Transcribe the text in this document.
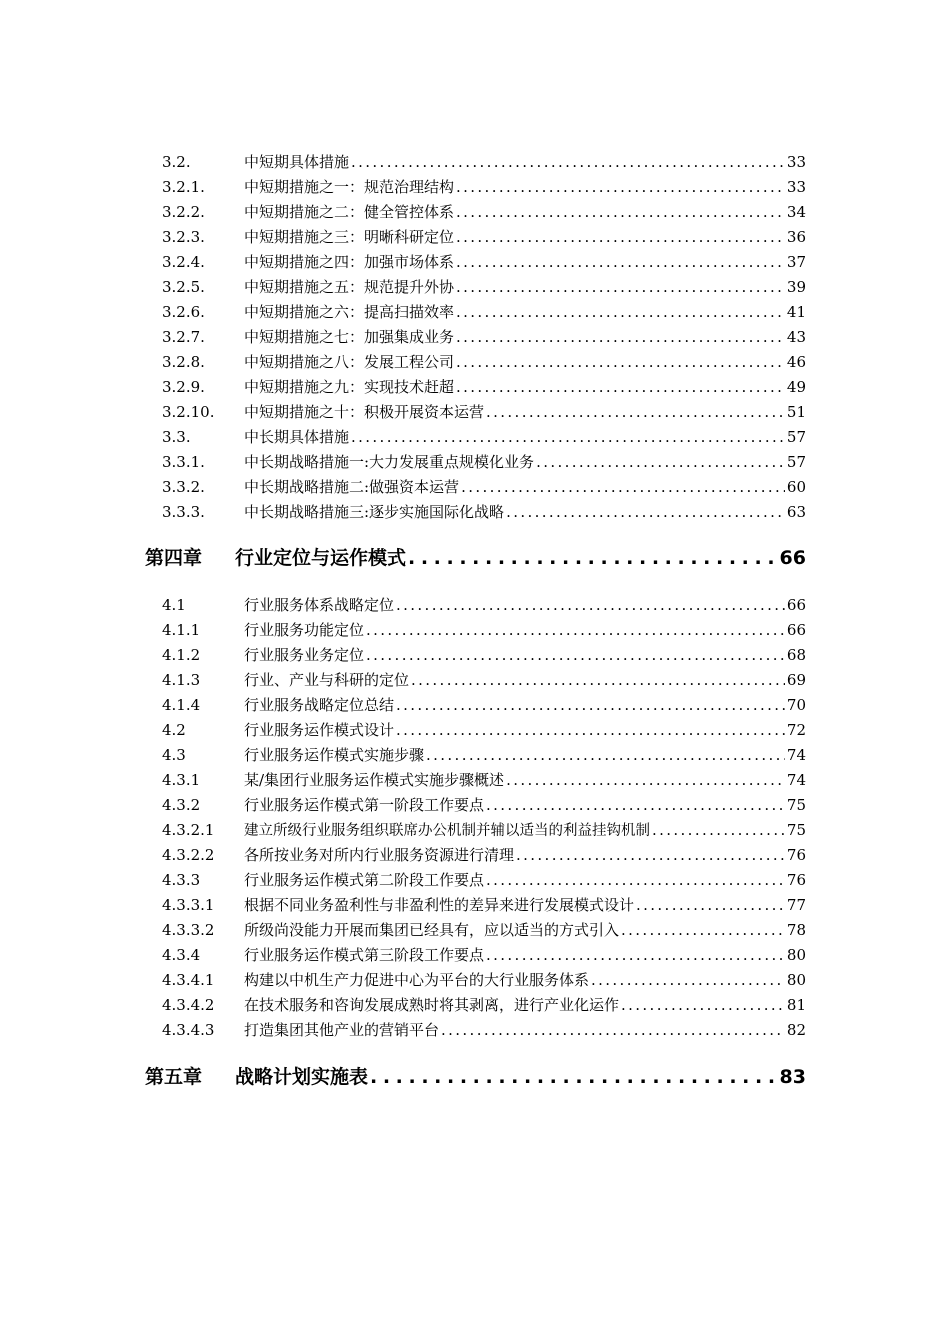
3.2.	中短期具体措施 . . .	33
3.2.1.	中短期措施之一：规范治理结构 . . .	33
3.2.2.	中短期措施之二：健全管控体系 . . .	34
3.2.3.	中短期措施之三：明晰科研定位 . . .	36
3.2.4.	中短期措施之四：加强市场体系 . . .	37
3.2.5.	中短期措施之五：规范提升外协 . . .	39
3.2.6.	中短期措施之六：提高扫描效率 . . .	41
3.2.7.	中短期措施之七：加强集成业务 . . .	43
3.2.8.	中短期措施之八：发展工程公司 . . .	46
3.2.9.	中短期措施之九：实现技术赶超 . . .	49
3.2.10.	中短期措施之十：积极开展资本运营 . . .	51
3.3.	中长期具体措施 . . .	57
3.3.1.	中长期战略措施一:大力发展重点规模化业务 . . .	57
3.3.2.	中长期战略措施二:做强资本运营 . . .	60
3.3.3.	中长期战略措施三:逐步实施国际化战略 . . .	63
第四章	行业定位与运作模式 . . .	66
4.1	行业服务体系战略定位 . . .	66
4.1.1	行业服务功能定位 . . .	66
4.1.2	行业服务业务定位 . . .	68
4.1.3	行业、产业与科研的定位 . . .	69
4.1.4	行业服务战略定位总结 . . .	70
4.2	行业服务运作模式设计 . . .	72
4.3	行业服务运作模式实施步骤 . . .	74
4.3.1	某/集团行业服务运作模式实施步骤概述 . . .	74
4.3.2	行业服务运作模式第一阶段工作要点 . . .	75
4.3.2.1	建立所级行业服务组织联席办公机制并辅以适当的利益挂钩机制 . . .	75
4.3.2.2	各所按业务对所内行业服务资源进行清理 . . .	76
4.3.3	行业服务运作模式第二阶段工作要点 . . .	76
4.3.3.1	根据不同业务盈利性与非盈利性的差异来进行发展模式设计 . . .	77
4.3.3.2	所级尚没能力开展而集团已经具有，应以适当的方式引入 . . .	78
4.3.4	行业服务运作模式第三阶段工作要点 . . .	80
4.3.4.1	构建以中机生产力促进中心为平台的大行业服务体系 . . .	80
4.3.4.2	在技术服务和咨询发展成熟时将其剥离，进行产业化运作 . . .	81
4.3.4.3	打造集团其他产业的营销平台 . . .	82
第五章	战略计划实施表 . . .	83
